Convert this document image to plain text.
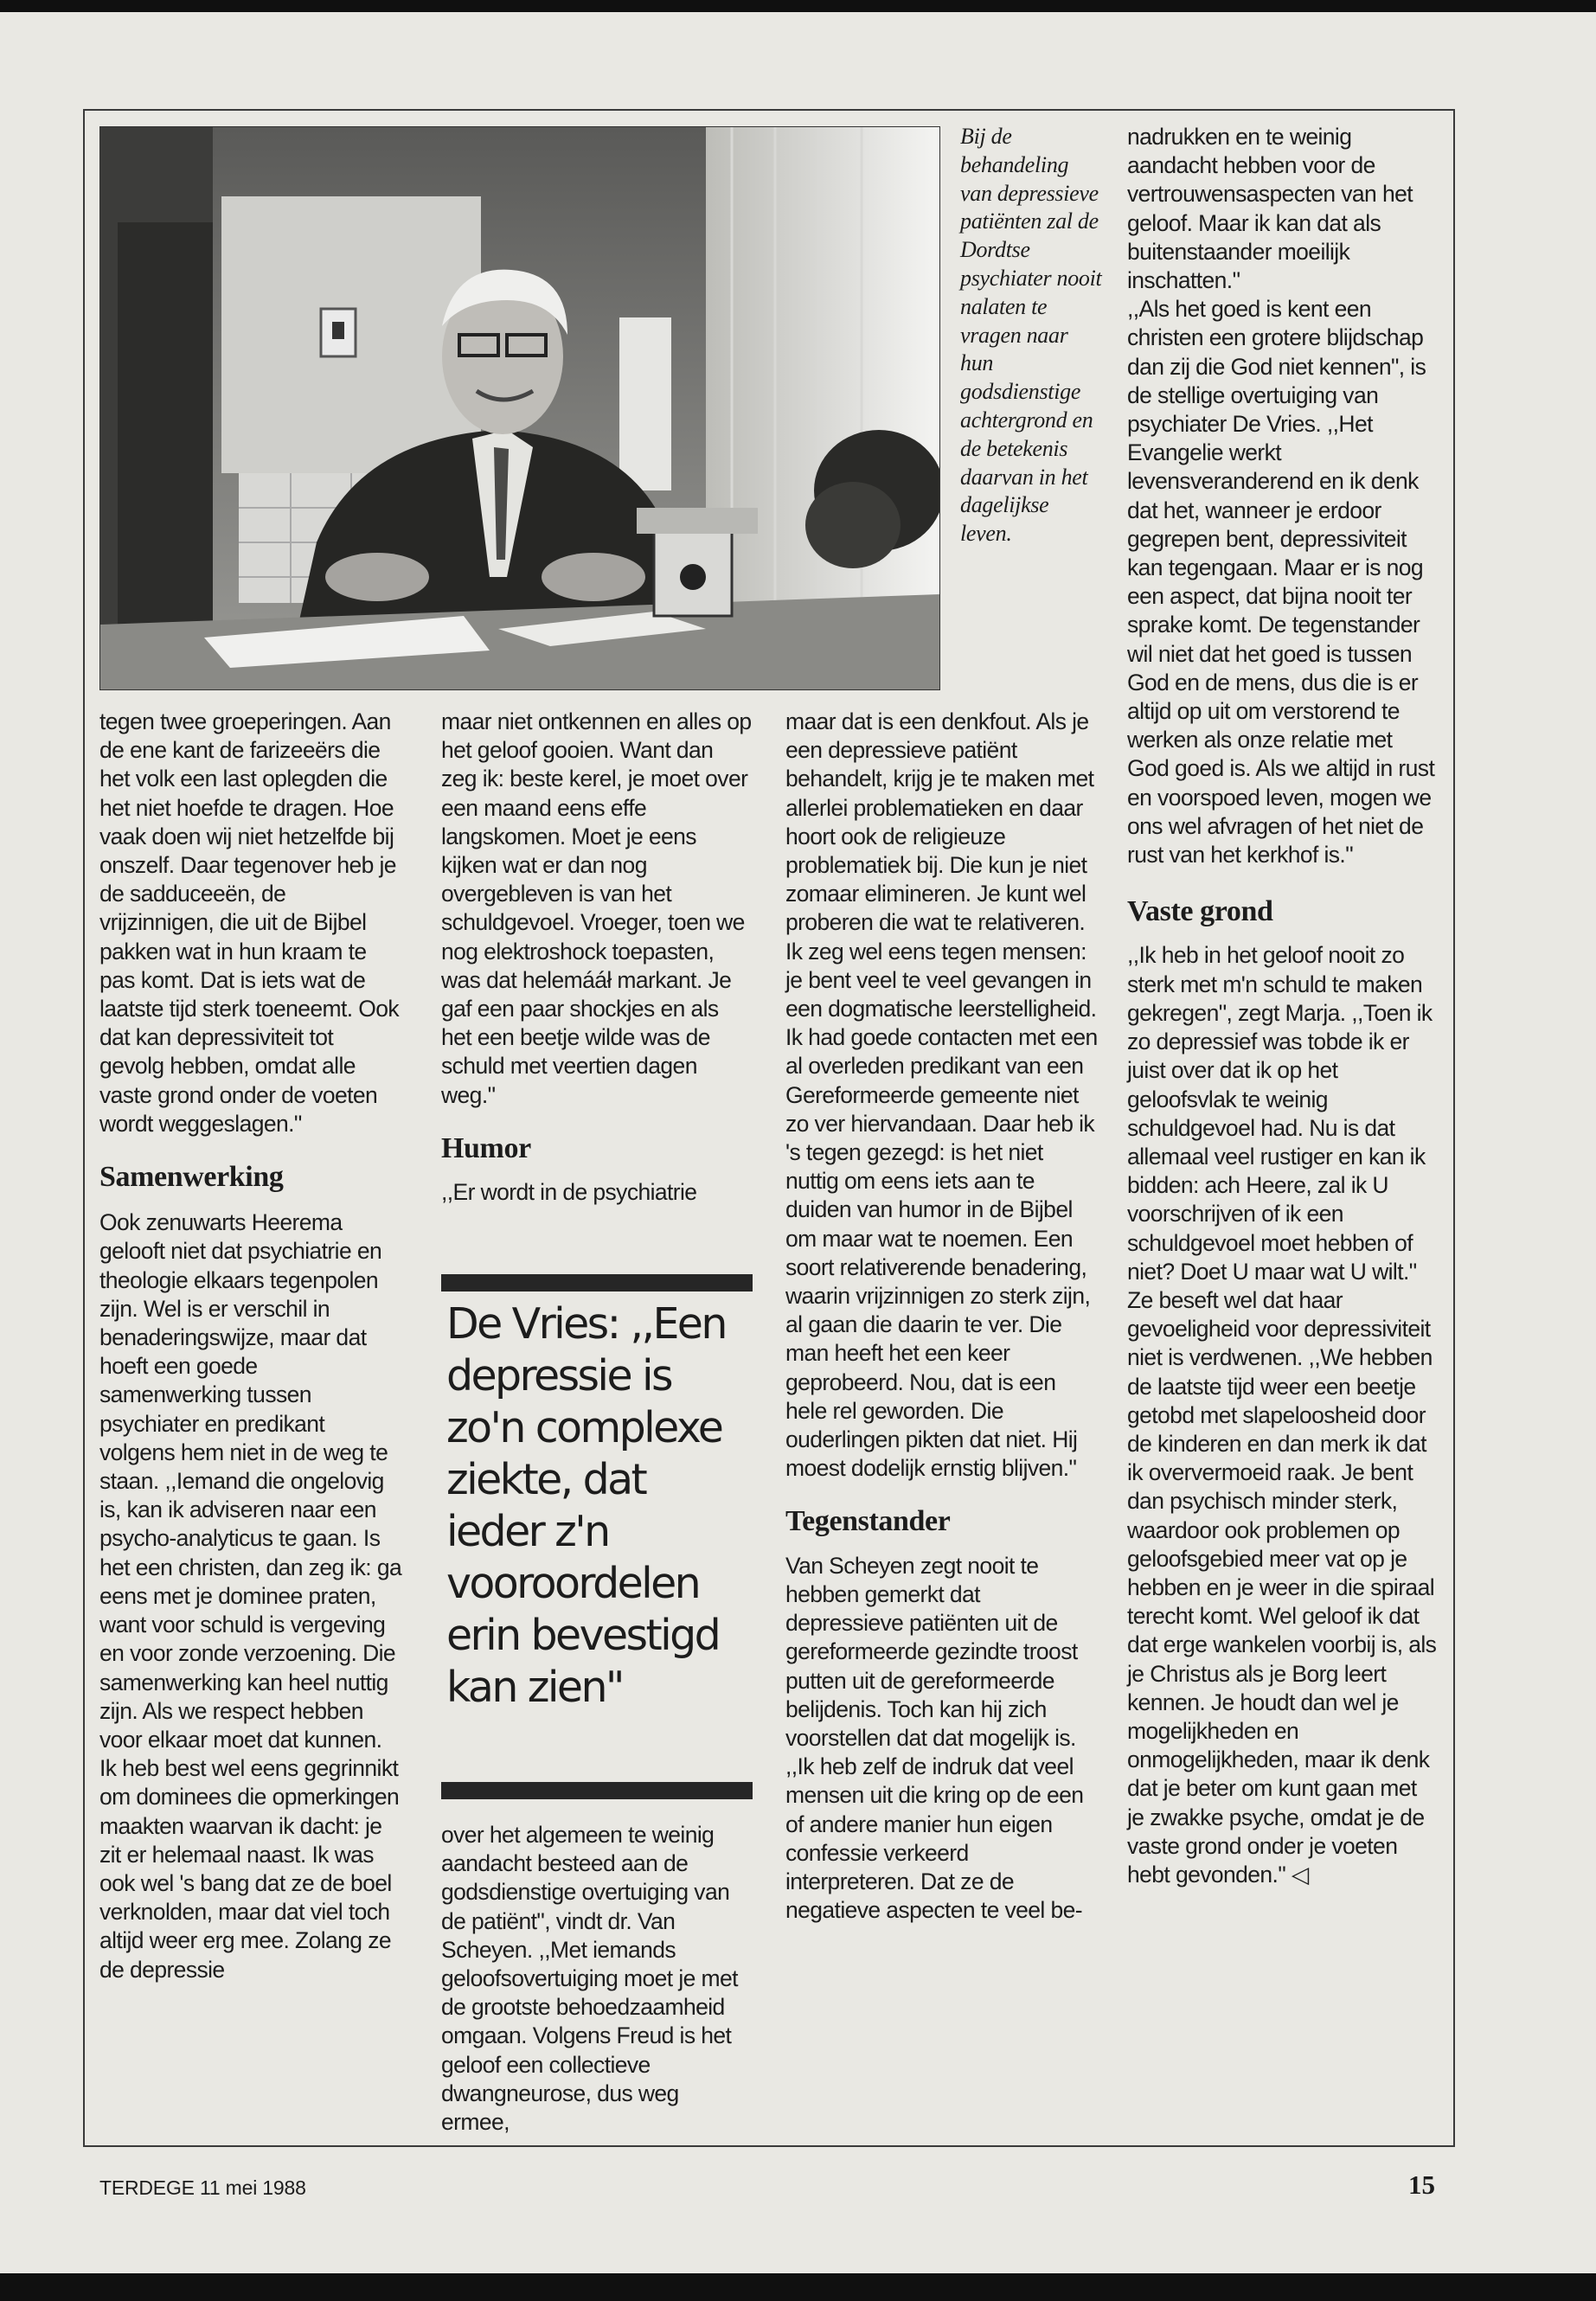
Bij de behandeling van depressieve patiënten zal de Dordtse psychiater nooit nalaten te vragen naar hun godsdienstige achtergrond en de betekenis daarvan in het dagelijkse leven.

tegen twee groeperingen. Aan de ene kant de farizeeërs die het volk een last oplegden die het niet hoefde te dragen. Hoe vaak doen wij niet hetzelfde bij onszelf. Daar tegenover heb je de sadduceeën, de vrijzinnigen, die uit de Bijbel pakken wat in hun kraam te pas komt. Dat is iets wat de laatste tijd sterk toeneemt. Ook dat kan depressiviteit tot gevolg hebben, omdat alle vaste grond onder de voeten wordt weggeslagen."

Samenwerking

Ook zenuwarts Heerema gelooft niet dat psychiatrie en theologie elkaars tegenpolen zijn. Wel is er verschil in benaderingswijze, maar dat hoeft een goede samenwerking tussen psychiater en predikant volgens hem niet in de weg te staan. ,,Iemand die ongelovig is, kan ik adviseren naar een psycho-analyticus te gaan. Is het een christen, dan zeg ik: ga eens met je dominee praten, want voor schuld is vergeving en voor zonde verzoening. Die samenwerking kan heel nuttig zijn. Als we respect hebben voor elkaar moet dat kunnen.

Ik heb best wel eens gegrinnikt om dominees die opmerkingen maakten waarvan ik dacht: je zit er helemaal naast. Ik was ook wel 's bang dat ze de boel verknolden, maar dat viel toch altijd weer erg mee. Zolang ze de depressie

maar niet ontkennen en alles op het geloof gooien. Want dan zeg ik: beste kerel, je moet over een maand eens effe langskomen. Moet je eens kijken wat er dan nog overgebleven is van het schuldgevoel. Vroeger, toen we nog elektroshock toepasten, was dat helemááł markant. Je gaf een paar shockjes en als het een beetje wilde was de schuld met veertien dagen weg."

Humor

,,Er wordt in de psychiatrie

De Vries: ,,Een depressie is zo'n complexe ziekte, dat ieder z'n vooroordelen erin bevestigd kan zien"

over het algemeen te weinig aandacht besteed aan de godsdienstige overtuiging van de patiënt", vindt dr. Van Scheyen. ,,Met iemands geloofsovertuiging moet je met de grootste behoedzaamheid omgaan. Volgens Freud is het geloof een collectieve dwangneurose, dus weg ermee,

maar dat is een denkfout. Als je een depressieve patiënt behandelt, krijg je te maken met allerlei problematieken en daar hoort ook de religieuze problematiek bij. Die kun je niet zomaar elimineren. Je kunt wel proberen die wat te relativeren. Ik zeg wel eens tegen mensen: je bent veel te veel gevangen in een dogmatische leerstelligheid.

Ik had goede contacten met een al overleden predikant van een Gereformeerde gemeente niet zo ver hiervandaan. Daar heb ik 's tegen gezegd: is het niet nuttig om eens iets aan te duiden van humor in de Bijbel om maar wat te noemen. Een soort relativerende benadering, waarin vrijzinnigen zo sterk zijn, al gaan die daarin te ver. Die man heeft het een keer geprobeerd. Nou, dat is een hele rel geworden. Die ouderlingen pikten dat niet. Hij moest dodelijk ernstig blijven."

Tegenstander

Van Scheyen zegt nooit te hebben gemerkt dat depressieve patiënten uit de gereformeerde gezindte troost putten uit de gereformeerde belijdenis. Toch kan hij zich voorstellen dat dat mogelijk is. ,,Ik heb zelf de indruk dat veel mensen uit die kring op de een of andere manier hun eigen confessie verkeerd interpreteren. Dat ze de negatieve aspecten te veel be-

nadrukken en te weinig aandacht hebben voor de vertrouwensaspecten van het geloof. Maar ik kan dat als buitenstaander moeilijk inschatten."

,,Als het goed is kent een christen een grotere blijdschap dan zij die God niet kennen", is de stellige overtuiging van psychiater De Vries. ,,Het Evangelie werkt levensveranderend en ik denk dat het, wanneer je erdoor gegrepen bent, depressiviteit kan tegengaan. Maar er is nog een aspect, dat bijna nooit ter sprake komt. De tegenstander wil niet dat het goed is tussen God en de mens, dus die is er altijd op uit om verstorend te werken als onze relatie met God goed is. Als we altijd in rust en voorspoed leven, mogen we ons wel afvragen of het niet de rust van het kerkhof is."

Vaste grond

,,Ik heb in het geloof nooit zo sterk met m'n schuld te maken gekregen", zegt Marja. ,,Toen ik zo depressief was tobde ik er juist over dat ik op het geloofsvlak te weinig schuldgevoel had. Nu is dat allemaal veel rustiger en kan ik bidden: ach Heere, zal ik U voorschrijven of ik een schuldgevoel moet hebben of niet? Doet U maar wat U wilt."

Ze beseft wel dat haar gevoeligheid voor depressiviteit niet is verdwenen. ,,We hebben de laatste tijd weer een beetje getobd met slapeloosheid door de kinderen en dan merk ik dat ik oververmoeid raak. Je bent dan psychisch minder sterk, waardoor ook problemen op geloofsgebied meer vat op je hebben en je weer in die spiraal terecht komt. Wel geloof ik dat dat erge wankelen voorbij is, als je Christus als je Borg leert kennen. Je houdt dan wel je mogelijkheden en onmogelijkheden, maar ik denk dat je beter om kunt gaan met je zwakke psyche, omdat je de vaste grond onder je voeten hebt gevonden." ◁

TERDEGE 11 mei 1988	15
